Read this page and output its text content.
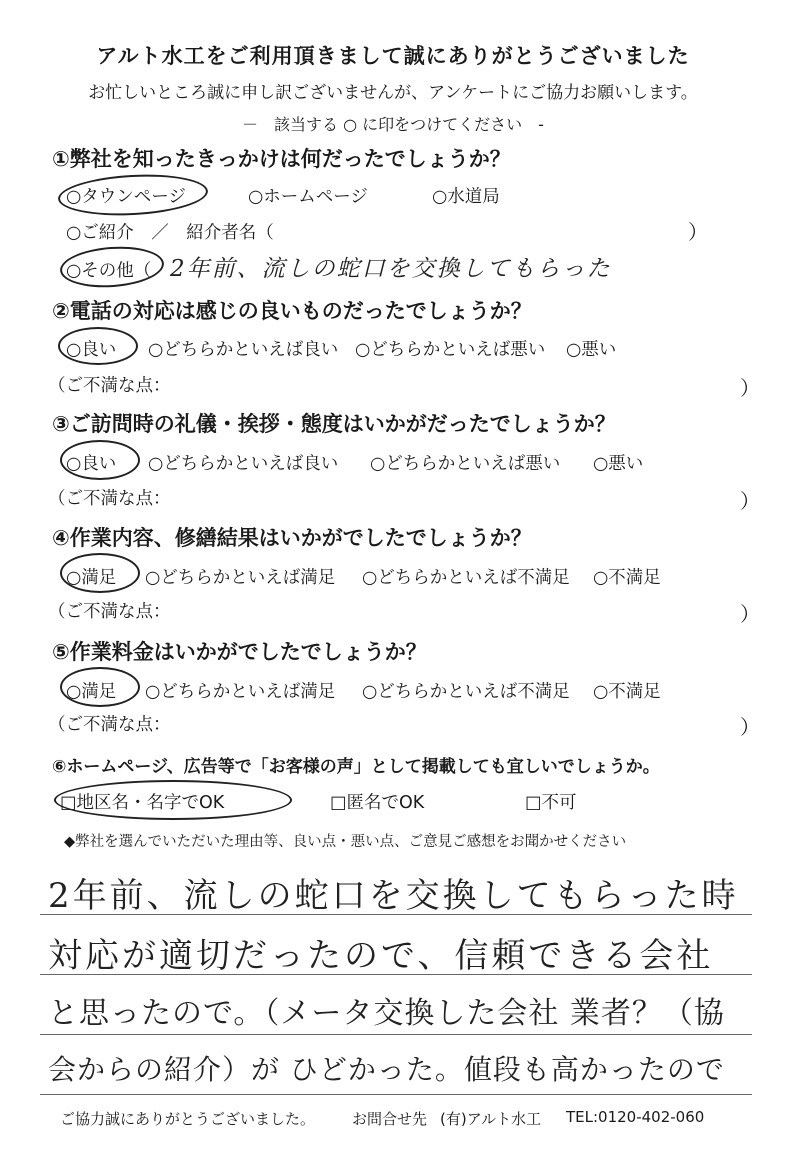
アルト水工をご利用頂きまして誠にありがとうございました
お忙しいところ誠に申し訳ございませんが、アンケートにご協力お願いします。
－　該当する ○ に印をつけてください　-
①弊社を知ったきっかけは何だったでしょうか？
○タウンページ	○ホームページ	○水道局
○ご紹介　／　紹介者名（	）
○その他（ 2年前、流しの蛇口を交換してもらった
②電話の対応は感じの良いものだったでしょうか？
○良い ○どちらかといえば良い ○どちらかといえば悪い ○悪い
（ご不満な点：	）
③ご訪問時の礼儀・挨拶・態度はいかがだったでしょうか？
○良い ○どちらかといえば良い ○どちらかといえば悪い ○悪い
（ご不満な点：	）
④作業内容、修繕結果はいかがでしたでしょうか？
○満足 ○どちらかといえば満足 ○どちらかといえば不満足 ○不満足
（ご不満な点：	）
⑤作業料金はいかがでしたでしょうか？
○満足 ○どちらかといえば満足 ○どちらかといえば不満足 ○不満足
（ご不満な点：	）
⑥ホームページ、広告等で「お客様の声」として掲載しても宜しいでしょうか。
□地区名・名字でOK	□匿名でOK	□不可
◆弊社を選んでいただいた理由等、良い点・悪い点、ご意見ご感想をお聞かせください
2年前、流しの蛇口を交換してもらった時
対応が適切だったので、信頼できる会社
と思ったので。（メータ交換した会社 業者？（協
会からの紹介）が ひどかった。値段も高かったので
ご協力誠にありがとうございました。 お問合せ先 (有)アルト水工 TEL:0120-402-060
